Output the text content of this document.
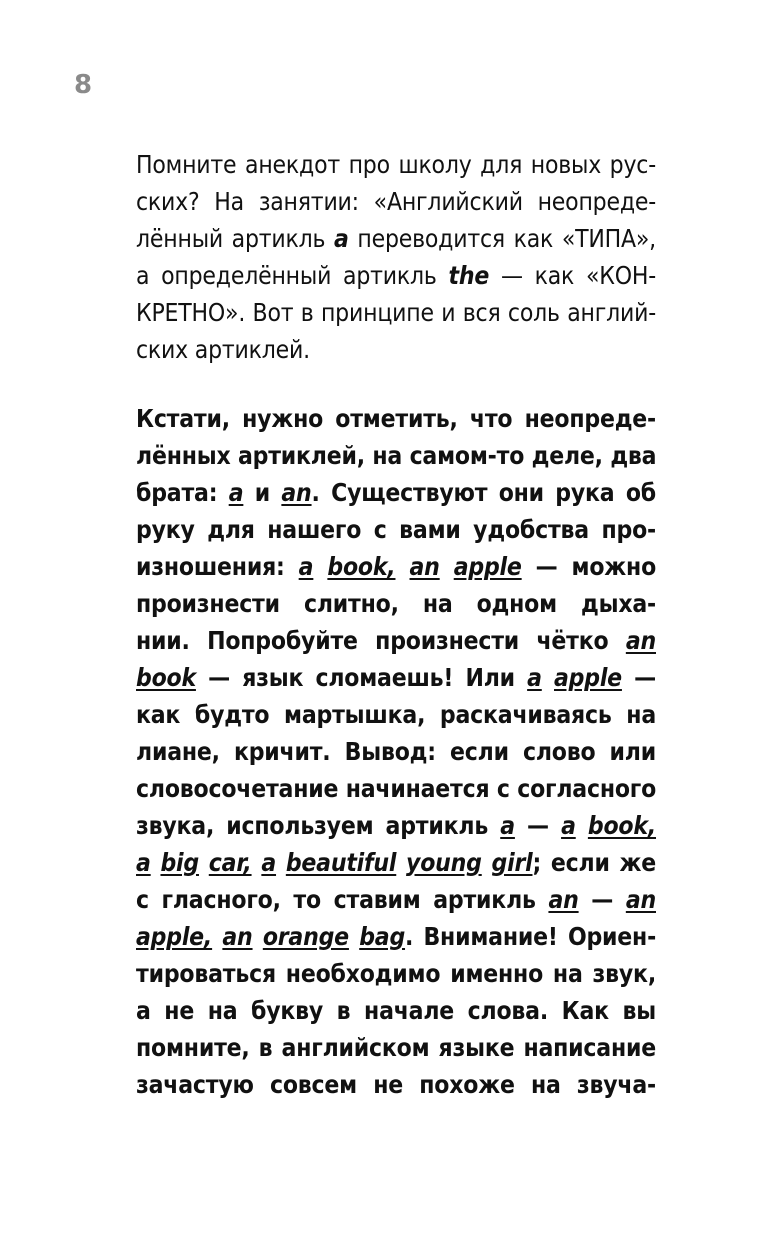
8
Помните анекдот про школу для новых рус-
ских? На занятии: «Английский неопреде-
лённый артикль a переводится как «ТИПА»,
а определённый артикль the — как «КОН-
КРЕТНО». Вот в принципе и вся соль англий-
ских артиклей.
Кстати, нужно отметить, что неопреде-
лённых артиклей, на самом-то деле, два
брата: a и an. Существуют они рука об
руку для нашего с вами удобства про-
изношения: a book, an apple — можно
произнести слитно, на одном дыха-
нии. Попробуйте произнести чётко an
book — язык сломаешь! Или a apple —
как будто мартышка, раскачиваясь на
лиане, кричит. Вывод: если слово или
словосочетание начинается с согласного
звука, используем артикль a — a book,
a big car, a beautiful young girl; если же
с гласного, то ставим артикль an — an
apple, an orange bag. Внимание! Ориен-
тироваться необходимо именно на звук,
а не на букву в начале слова. Как вы
помните, в английском языке написание
зачастую совсем не похоже на звуча-
